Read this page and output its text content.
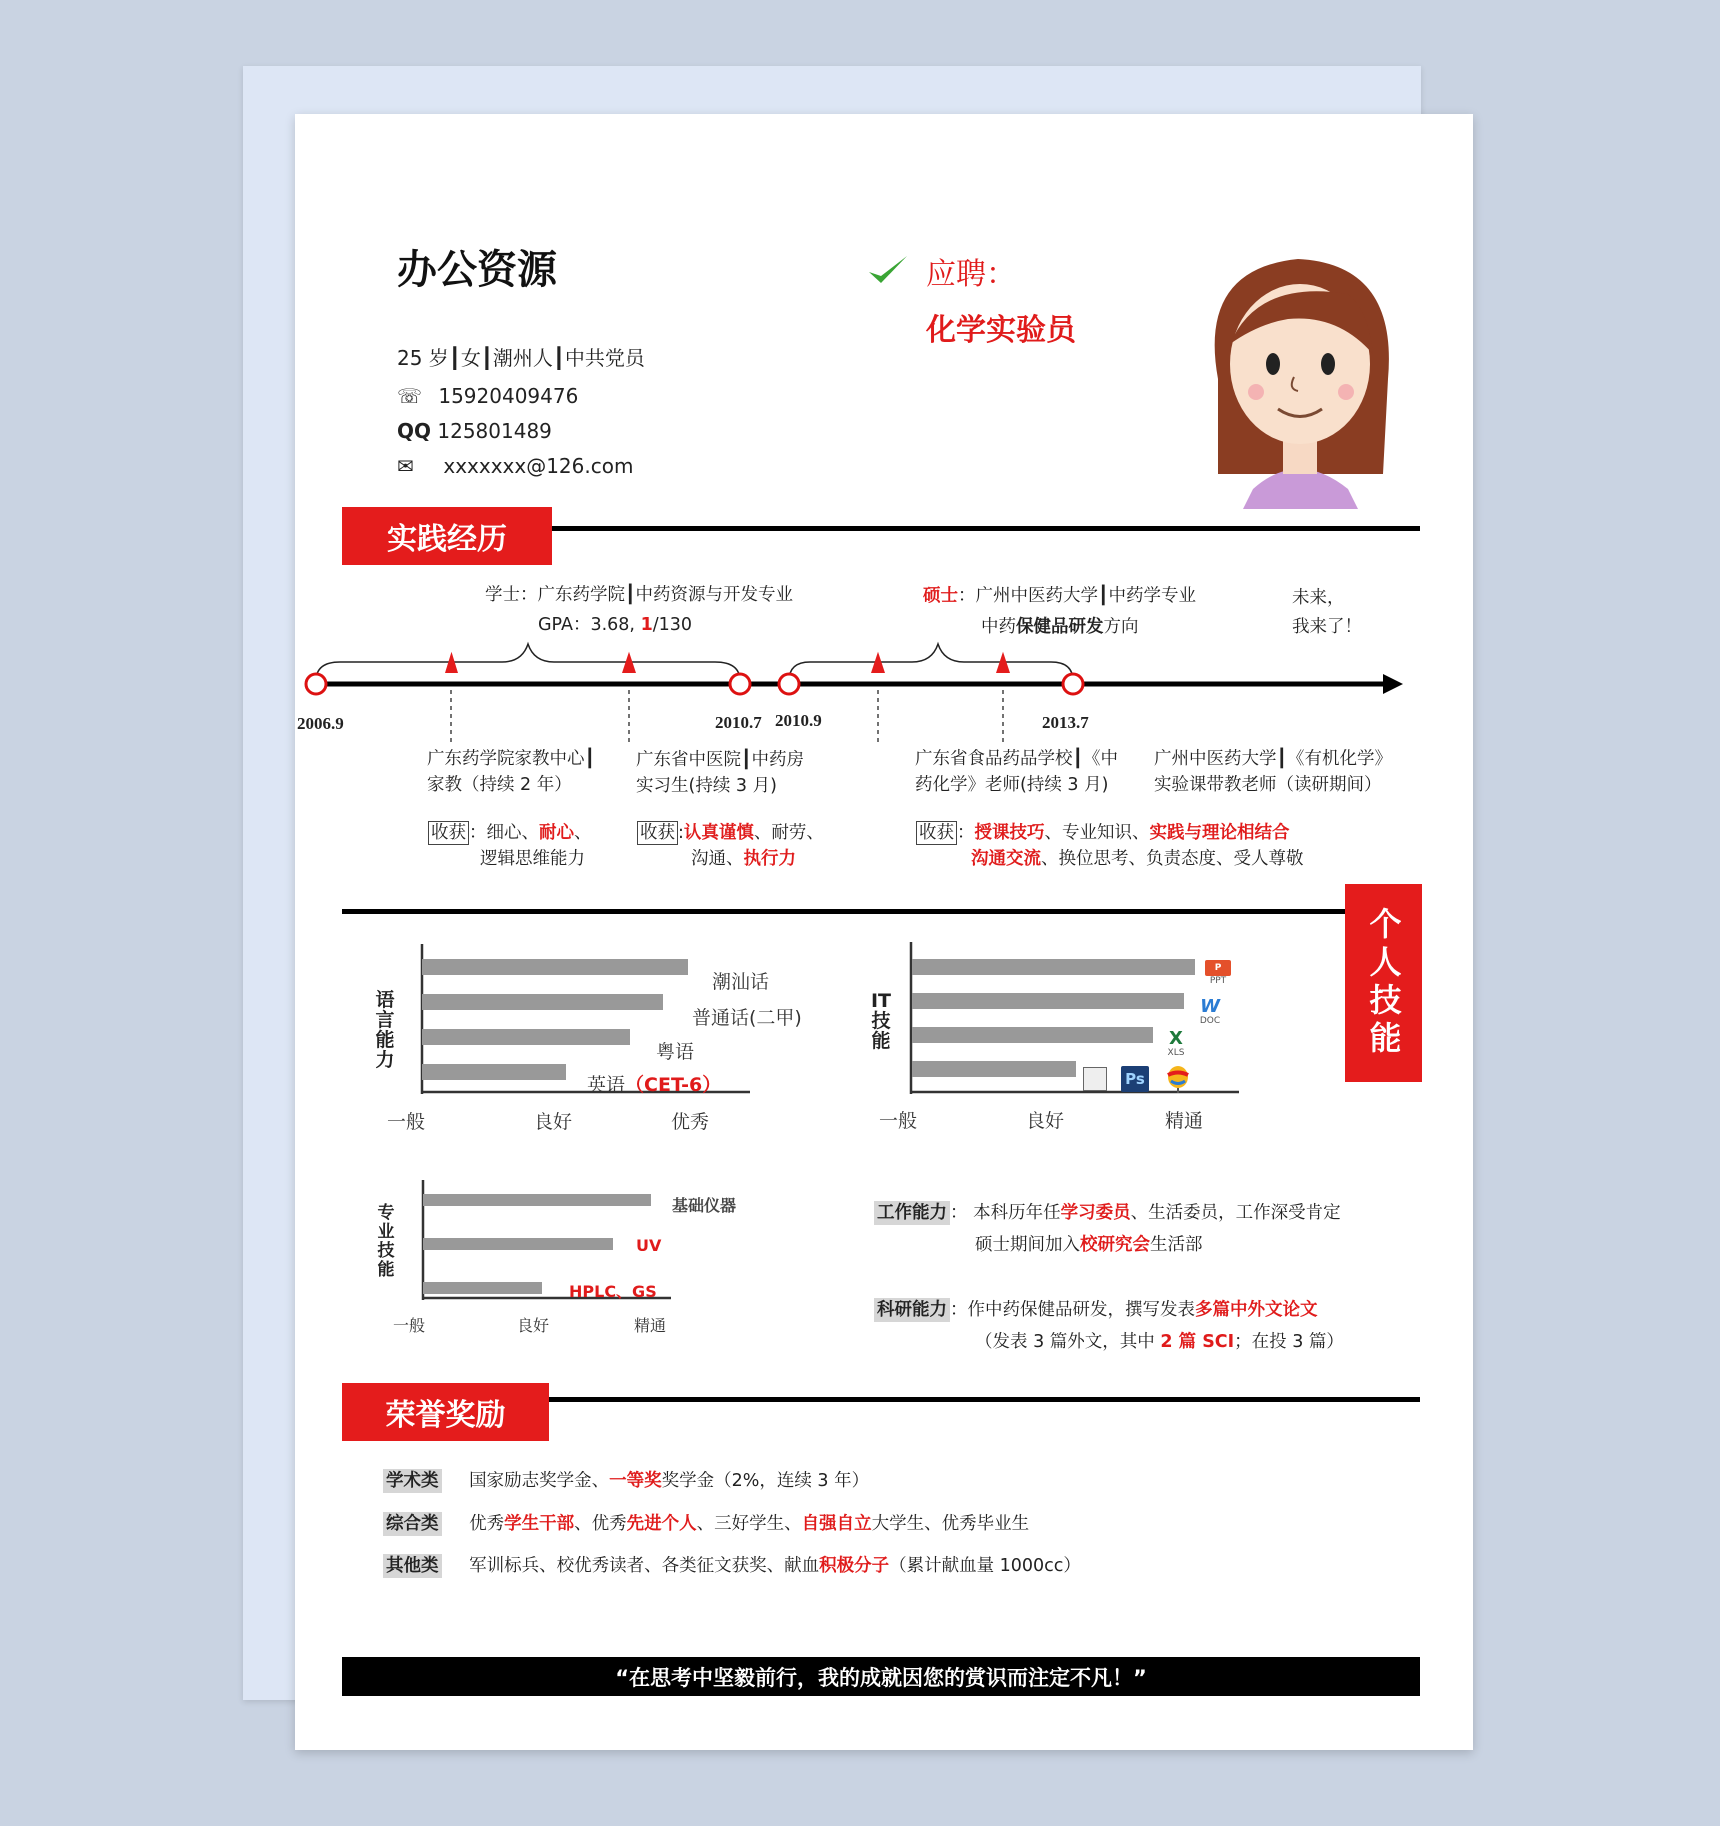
办公资源
25 岁┃女┃潮州人┃中共党员
☏ 15920409476
QQ 125801489
✉ xxxxxxx@126.com
应聘：
化学实验员
实践经历
学士：广东药学院┃中药资源与开发专业
GPA：3.68, 1/130
硕士：广州中医药大学┃中药学专业
中药保健品研发方向
未来，
我来了！
2006.9	2010.7 2010.9	2013.7
广东药学院家教中心┃
家教（持续 2 年）
广东省中医院┃中药房
实习生(持续 3 月)
广东省食品药品学校┃《中
药化学》老师(持续 3 月)
广州中医药大学┃《有机化学》
实验课带教老师（读研期间）
收获 ：细心、耐心、
逻辑思维能力
收获 :认真谨慎、耐劳、
沟通、执行力
收获 ：授课技巧、专业知识、实践与理论相结合
沟通交流、换位思考、负责态度、受人尊敬
个人技能
语言能力
潮汕话
普通话(二甲)
粤语
英语（CET-6）
一般	良好	优秀
IT
技能
P
PPT
W
DOC
X
XLS
Ps
一般	良好	精通
专业技能
基础仪器
UV
HPLC、GS
一般	良好	精通
工作能力 ： 本科历年任学习委员、生活委员，工作深受肯定
硕士期间加入校研究会生活部
科研能力 ：作中药保健品研发，撰写发表多篇中外文论文
（发表 3 篇外文，其中 2 篇 SCI；在投 3 篇）
荣誉奖励
学术类 国家励志奖学金、一等奖奖学金（2%，连续 3 年）
综合类 优秀学生干部、优秀先进个人、三好学生、自强自立大学生、优秀毕业生
其他类 军训标兵、校优秀读者、各类征文获奖、献血积极分子（累计献血量 1000cc）
“在思考中坚毅前行，我的成就因您的赏识而注定不凡！”
